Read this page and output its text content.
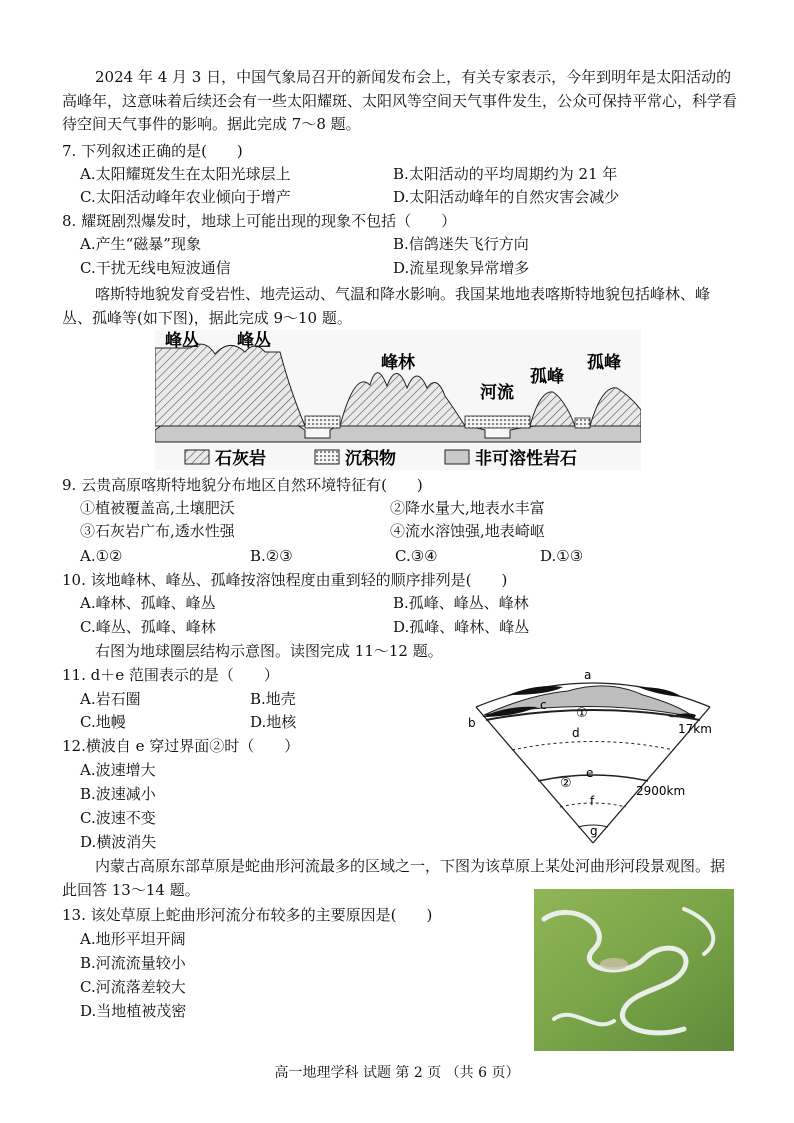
2024 年 4 月 3 日，中国气象局召开的新闻发布会上，有关专家表示，今年到明年是太阳活动的高峰年，这意味着后续还会有一些太阳耀斑、太阳风等空间天气事件发生，公众可保持平常心，科学看待空间天气事件的影响。据此完成 7～8 题。

7. 下列叙述正确的是(　　)

A.太阳耀斑发生在太阳光球层上	B.太阳活动的平均周期约为 21 年
C.太阳活动峰年农业倾向于增产	D.太阳活动峰年的自然灾害会减少

8. 耀斑剧烈爆发时，地球上可能出现的现象不包括（　　）

A.产生“磁暴”现象	B.信鸽迷失飞行方向
C.干扰无线电短波通信	D.流星现象异常增多

喀斯特地貌发育受岩性、地壳运动、气温和降水影响。我国某地地表喀斯特地貌包括峰林、峰丛、孤峰等(如下图)，据此完成 9～10 题。

峰丛 峰丛
峰林
河流
孤峰
孤峰
石灰岩	沉积物	非可溶性岩石

9. 云贵高原喀斯特地貌分布地区自然环境特征有(　　)

①植被覆盖高,土壤肥沃	②降水量大,地表水丰富
③石灰岩广布,透水性强	④流水溶蚀强,地表崎岖
A.①②	B.②③	C.③④	D.①③

10. 该地峰林、峰丛、孤峰按溶蚀程度由重到轻的顺序排列是(　　)

A.峰林、孤峰、峰丛	B.孤峰、峰丛、峰林
C.峰丛、孤峰、峰林	D.孤峰、峰林、峰丛

右图为地球圈层结构示意图。读图完成 11～12 题。

11. d＋e 范围表示的是（　　）

A.岩石圈	B.地壳
C.地幔	D.地核

12.横波自 e 穿过界面②时（　　）

A.波速增大
B.波速减小
C.波速不变
D.横波消失
a
b
c
d
e
f
g
①
②
17km
2900km

内蒙古高原东部草原是蛇曲形河流最多的区域之一，下图为该草原上某处河曲形河段景观图。据此回答 13～14 题。

13. 该处草原上蛇曲形河流分布较多的主要原因是(　　)

A.地形平坦开阔
B.河流流量较小
C.河流落差较大
D.当地植被茂密
高一地理学科 试题 第 2 页 （共 6 页）
